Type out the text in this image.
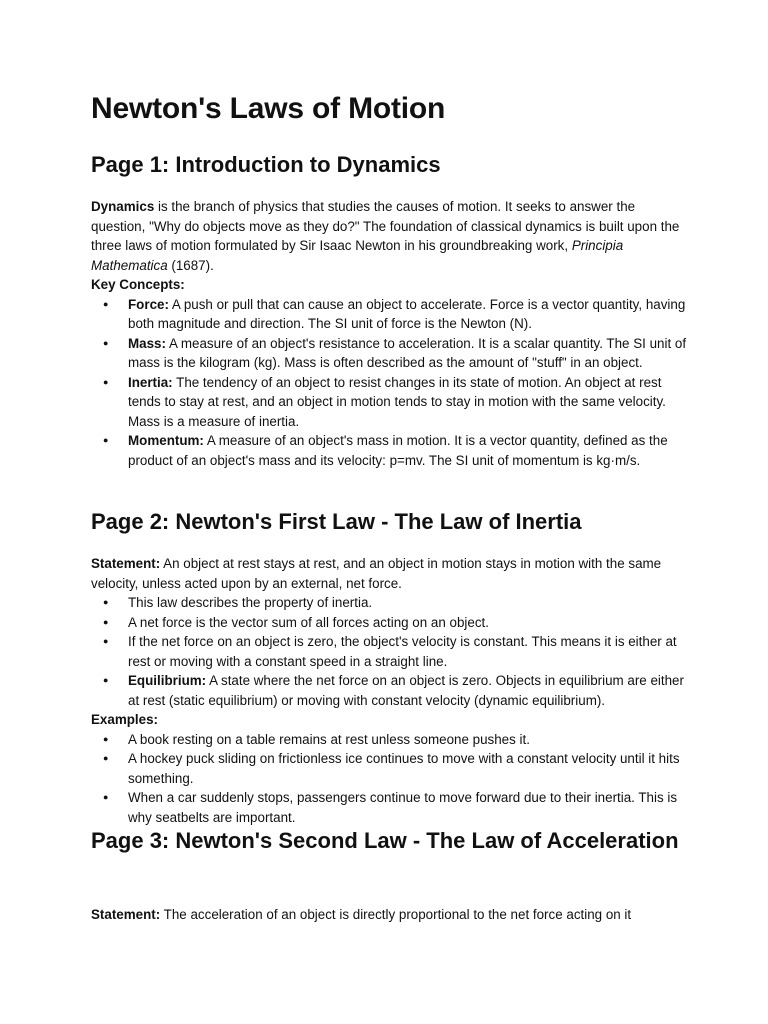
Newton's Laws of Motion
Page 1: Introduction to Dynamics

Dynamics is the branch of physics that studies the causes of motion. It seeks to answer the question, "Why do objects move as they do?" The foundation of classical dynamics is built upon the three laws of motion formulated by Sir Isaac Newton in his groundbreaking work, Principia Mathematica (1687).

Key Concepts:

● Force: A push or pull that can cause an object to accelerate. Force is a vector quantity, having both magnitude and direction. The SI unit of force is the Newton (N).
● Mass: A measure of an object's resistance to acceleration. It is a scalar quantity. The SI unit of mass is the kilogram (kg). Mass is often described as the amount of "stuff" in an object.
● Inertia: The tendency of an object to resist changes in its state of motion. An object at rest tends to stay at rest, and an object in motion tends to stay in motion with the same velocity. Mass is a measure of inertia.
● Momentum: A measure of an object's mass in motion. It is a vector quantity, defined as the product of an object's mass and its velocity: p=mv. The SI unit of momentum is kg·m/s.
Page 2: Newton's First Law - The Law of Inertia

Statement: An object at rest stays at rest, and an object in motion stays in motion with the same velocity, unless acted upon by an external, net force.

● This law describes the property of inertia.
● A net force is the vector sum of all forces acting on an object.
● If the net force on an object is zero, the object's velocity is constant. This means it is either at rest or moving with a constant speed in a straight line.
● Equilibrium: A state where the net force on an object is zero. Objects in equilibrium are either at rest (static equilibrium) or moving with constant velocity (dynamic equilibrium).

Examples:

● A book resting on a table remains at rest unless someone pushes it.
● A hockey puck sliding on frictionless ice continues to move with a constant velocity until it hits something.
● When a car suddenly stops, passengers continue to move forward due to their inertia. This is why seatbelts are important.
Page 3: Newton's Second Law - The Law of Acceleration

Statement: The acceleration of an object is directly proportional to the net force acting on it
